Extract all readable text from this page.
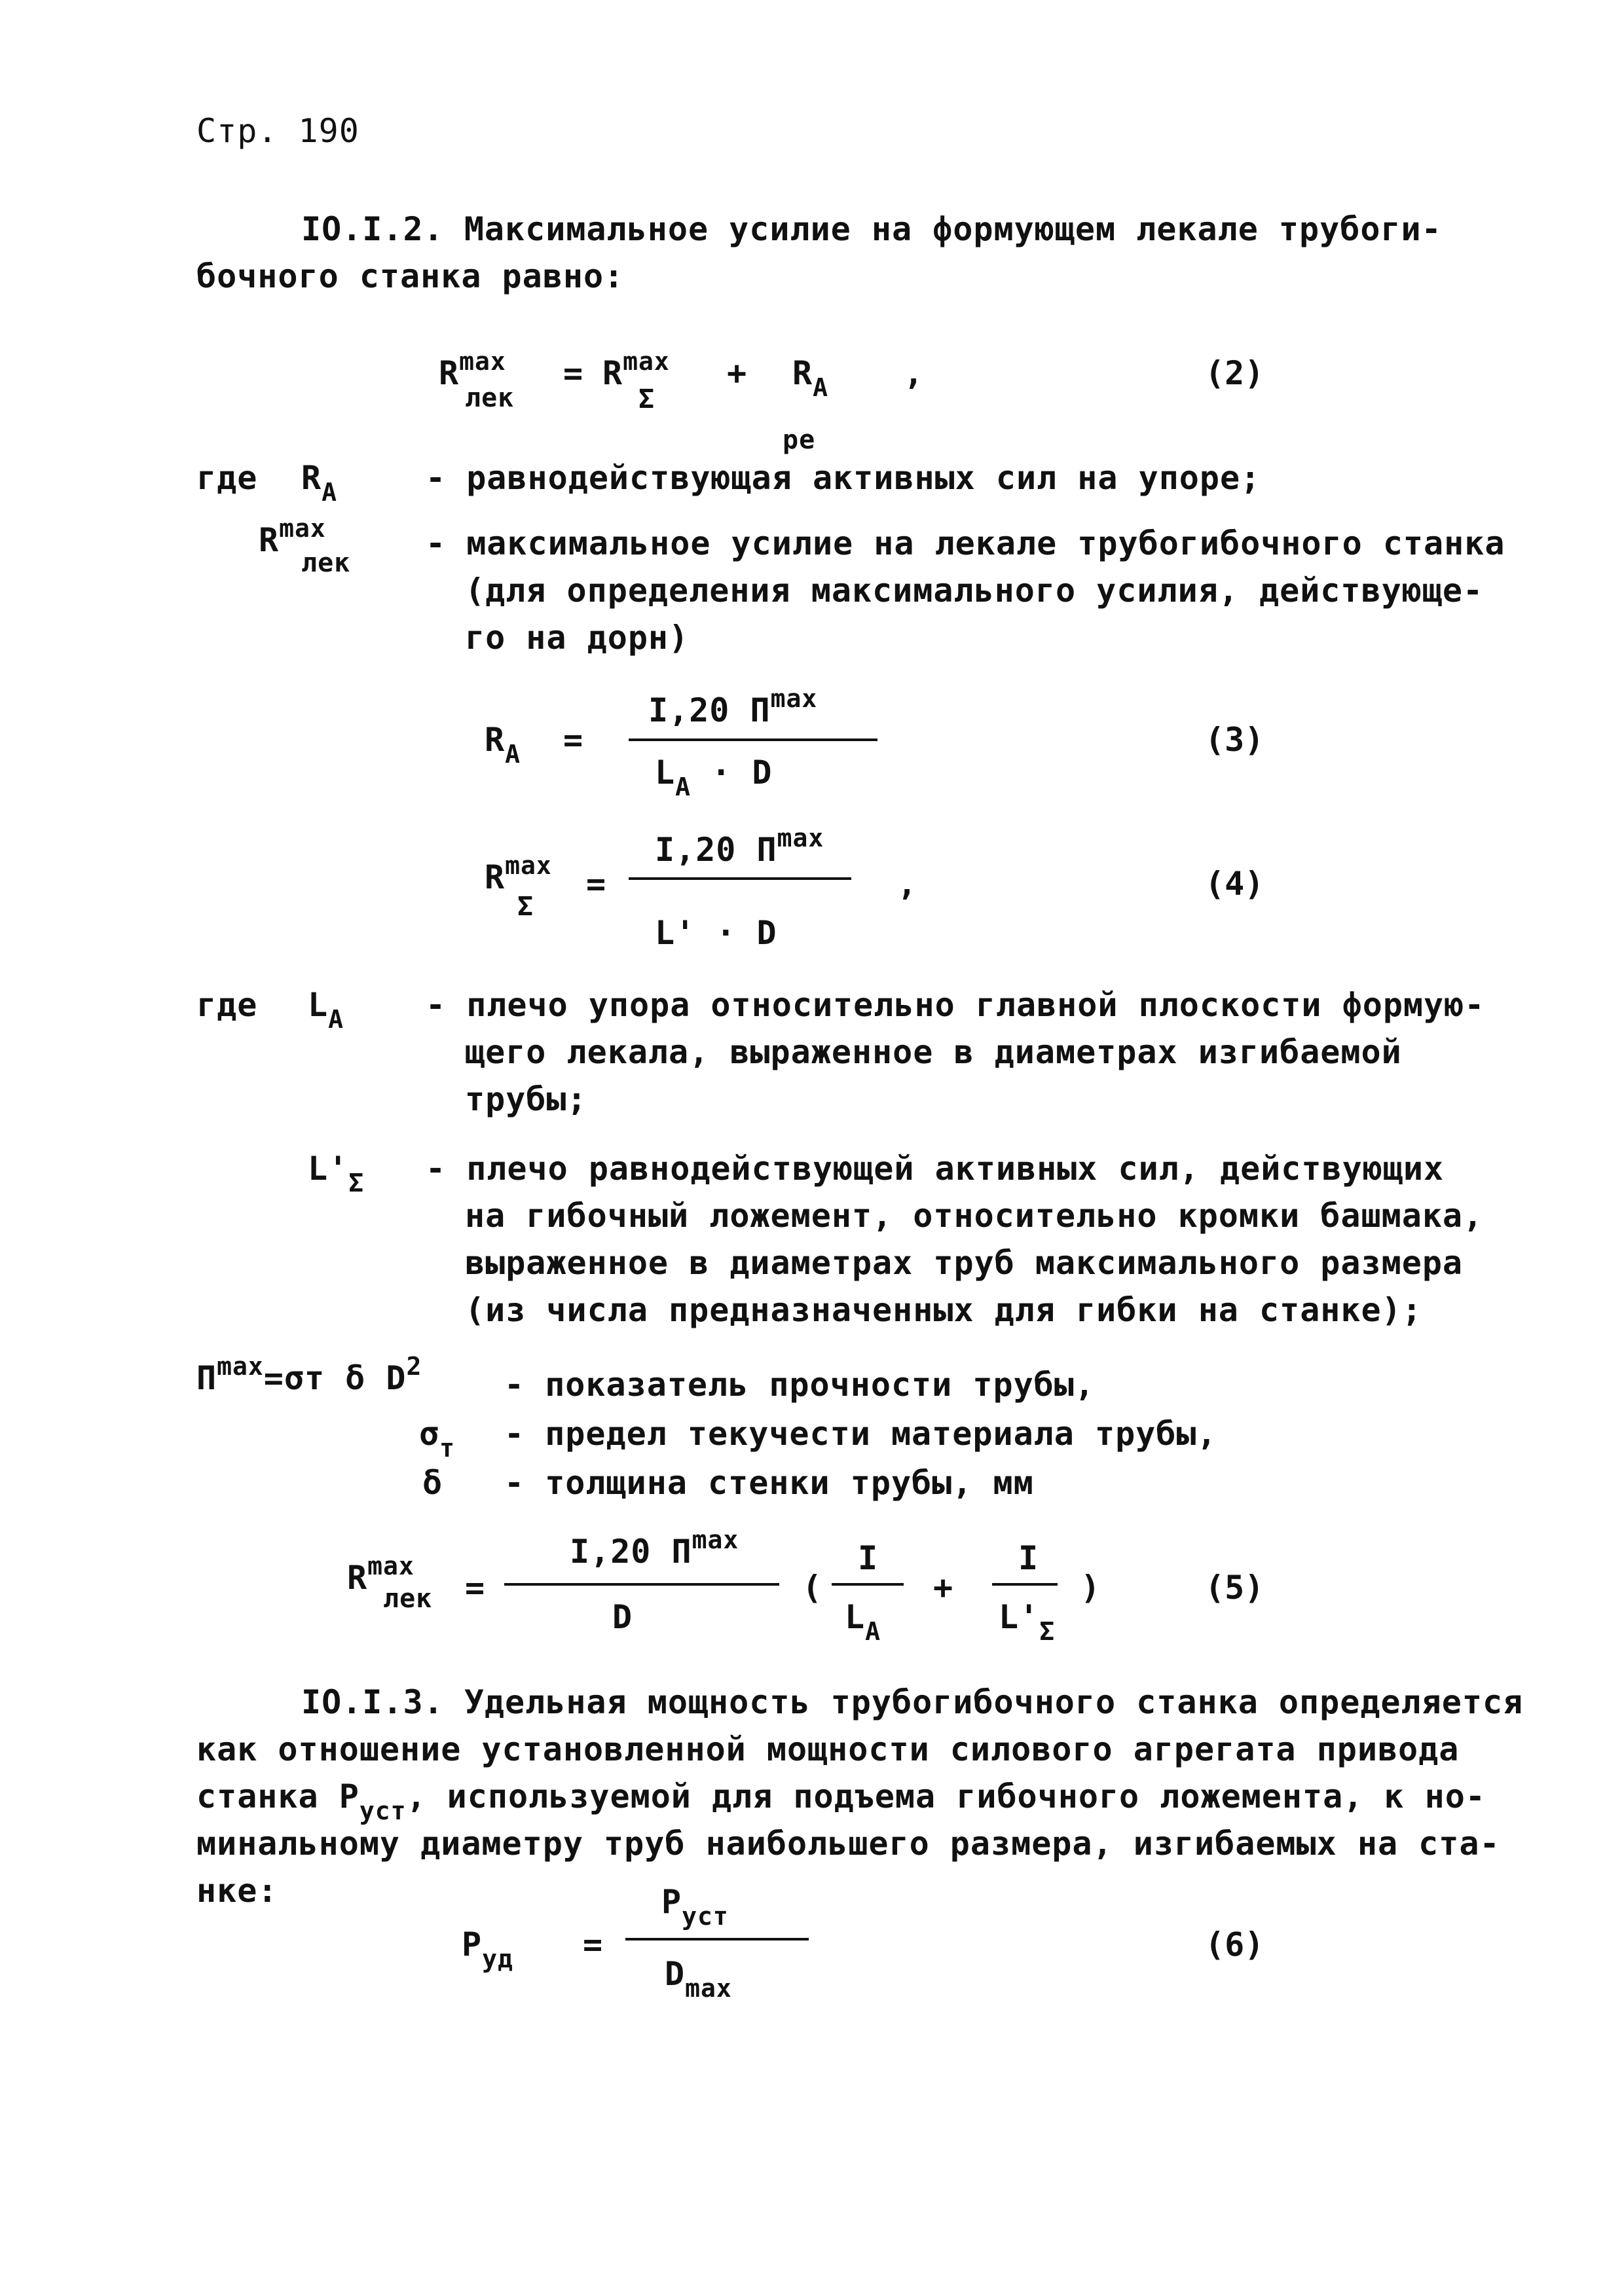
Стр. 190
IO.I.2. Максимальное усилие на формующем лекале трубоги-
бочного станка равно:
$R^{max}$
лек
= $R^{max}$
Σ
+ $R_A$ ,	(2)
ре
где $R_A$	- равнодействующая активных сил на упоре;
$R^{max}$
лек
- максимальное усилие на лекале трубогибочного станка
(для определения максимального усилия, действующе-
го на дорн)
$R_A$ =
I,20 $П^{max}$
$L_A \cdot D$
(3)
$R^{max}$
Σ
=
I,20 $П^{max}$
L' · D
,	(4)
где $L_A$	- плечо упора относительно главной плоскости формую-
щего лекала, выраженное в диаметрах изгибаемой
трубы;
$L'_\Sigma$ - плечо равнодействующей активных сил, действующих
на гибочный ложемент, относительно кромки башмака,
выраженное в диаметрах труб максимального размера
(из числа предназначенных для гибки на станке);
$П^{max}=\sigma т$ δ $D^2$	- показатель прочности трубы,
$\sigma_т$ - предел текучести материала трубы,
δ - толщина стенки трубы, мм
$R^{max}$
лек =
I,20 $П^{max}$
D
(
I
$L_A$
+
I
$L'_\Sigma$
)	(5)
IO.I.3. Удельная мощность трубогибочного станка определяется
как отношение установленной мощности силового агрегата привода
станка $P_{уст}$, используемой для подъема гибочного ложемента, к но-
минальному диаметру труб наибольшего размера, изгибаемых на ста-
нке:
$P_{уд}$ =
$P_{уст}$
$D_{max}$
(6)
